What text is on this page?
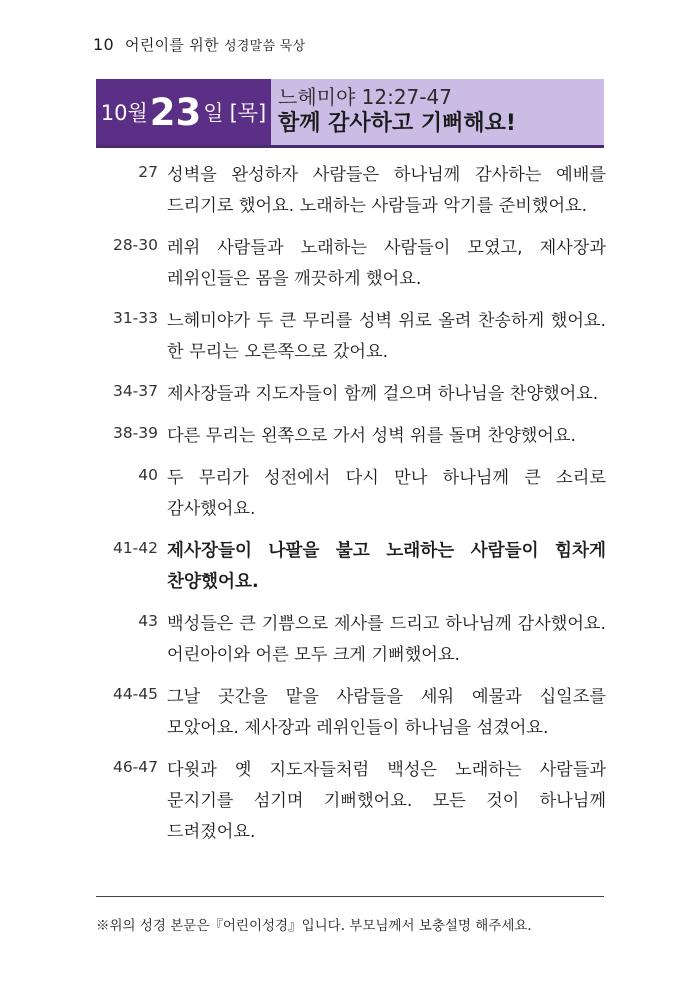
10 어린이를 위한 성경말씀 묵상
10월 23 일 [목]
느헤미야 12:27-47
함께 감사하고 기뻐해요!
27 성벽을 완성하자 사람들은 하나님께 감사하는 예배를 드리기로 했어요. 노래하는 사람들과 악기를 준비했어요.
28-30 레위 사람들과 노래하는 사람들이 모였고, 제사장과 레위인들은 몸을 깨끗하게 했어요.
31-33 느헤미야가 두 큰 무리를 성벽 위로 올려 찬송하게 했어요. 한 무리는 오른쪽으로 갔어요.
34-37 제사장들과 지도자들이 함께 걸으며 하나님을 찬양했어요.
38-39 다른 무리는 왼쪽으로 가서 성벽 위를 돌며 찬양했어요.
40 두 무리가 성전에서 다시 만나 하나님께 큰 소리로 감사했어요.
41-42 제사장들이 나팔을 불고 노래하는 사람들이 힘차게 찬양했어요.
43 백성들은 큰 기쁨으로 제사를 드리고 하나님께 감사했어요. 어린아이와 어른 모두 크게 기뻐했어요.
44-45 그날 곳간을 맡을 사람들을 세워 예물과 십일조를 모았어요. 제사장과 레위인들이 하나님을 섬겼어요.
46-47 다윗과 옛 지도자들처럼 백성은 노래하는 사람들과 문지기를 섬기며 기뻐했어요. 모든 것이 하나님께 드려졌어요.
※위의 성경 본문은『어린이성경』입니다. 부모님께서 보충설명 해주세요.
